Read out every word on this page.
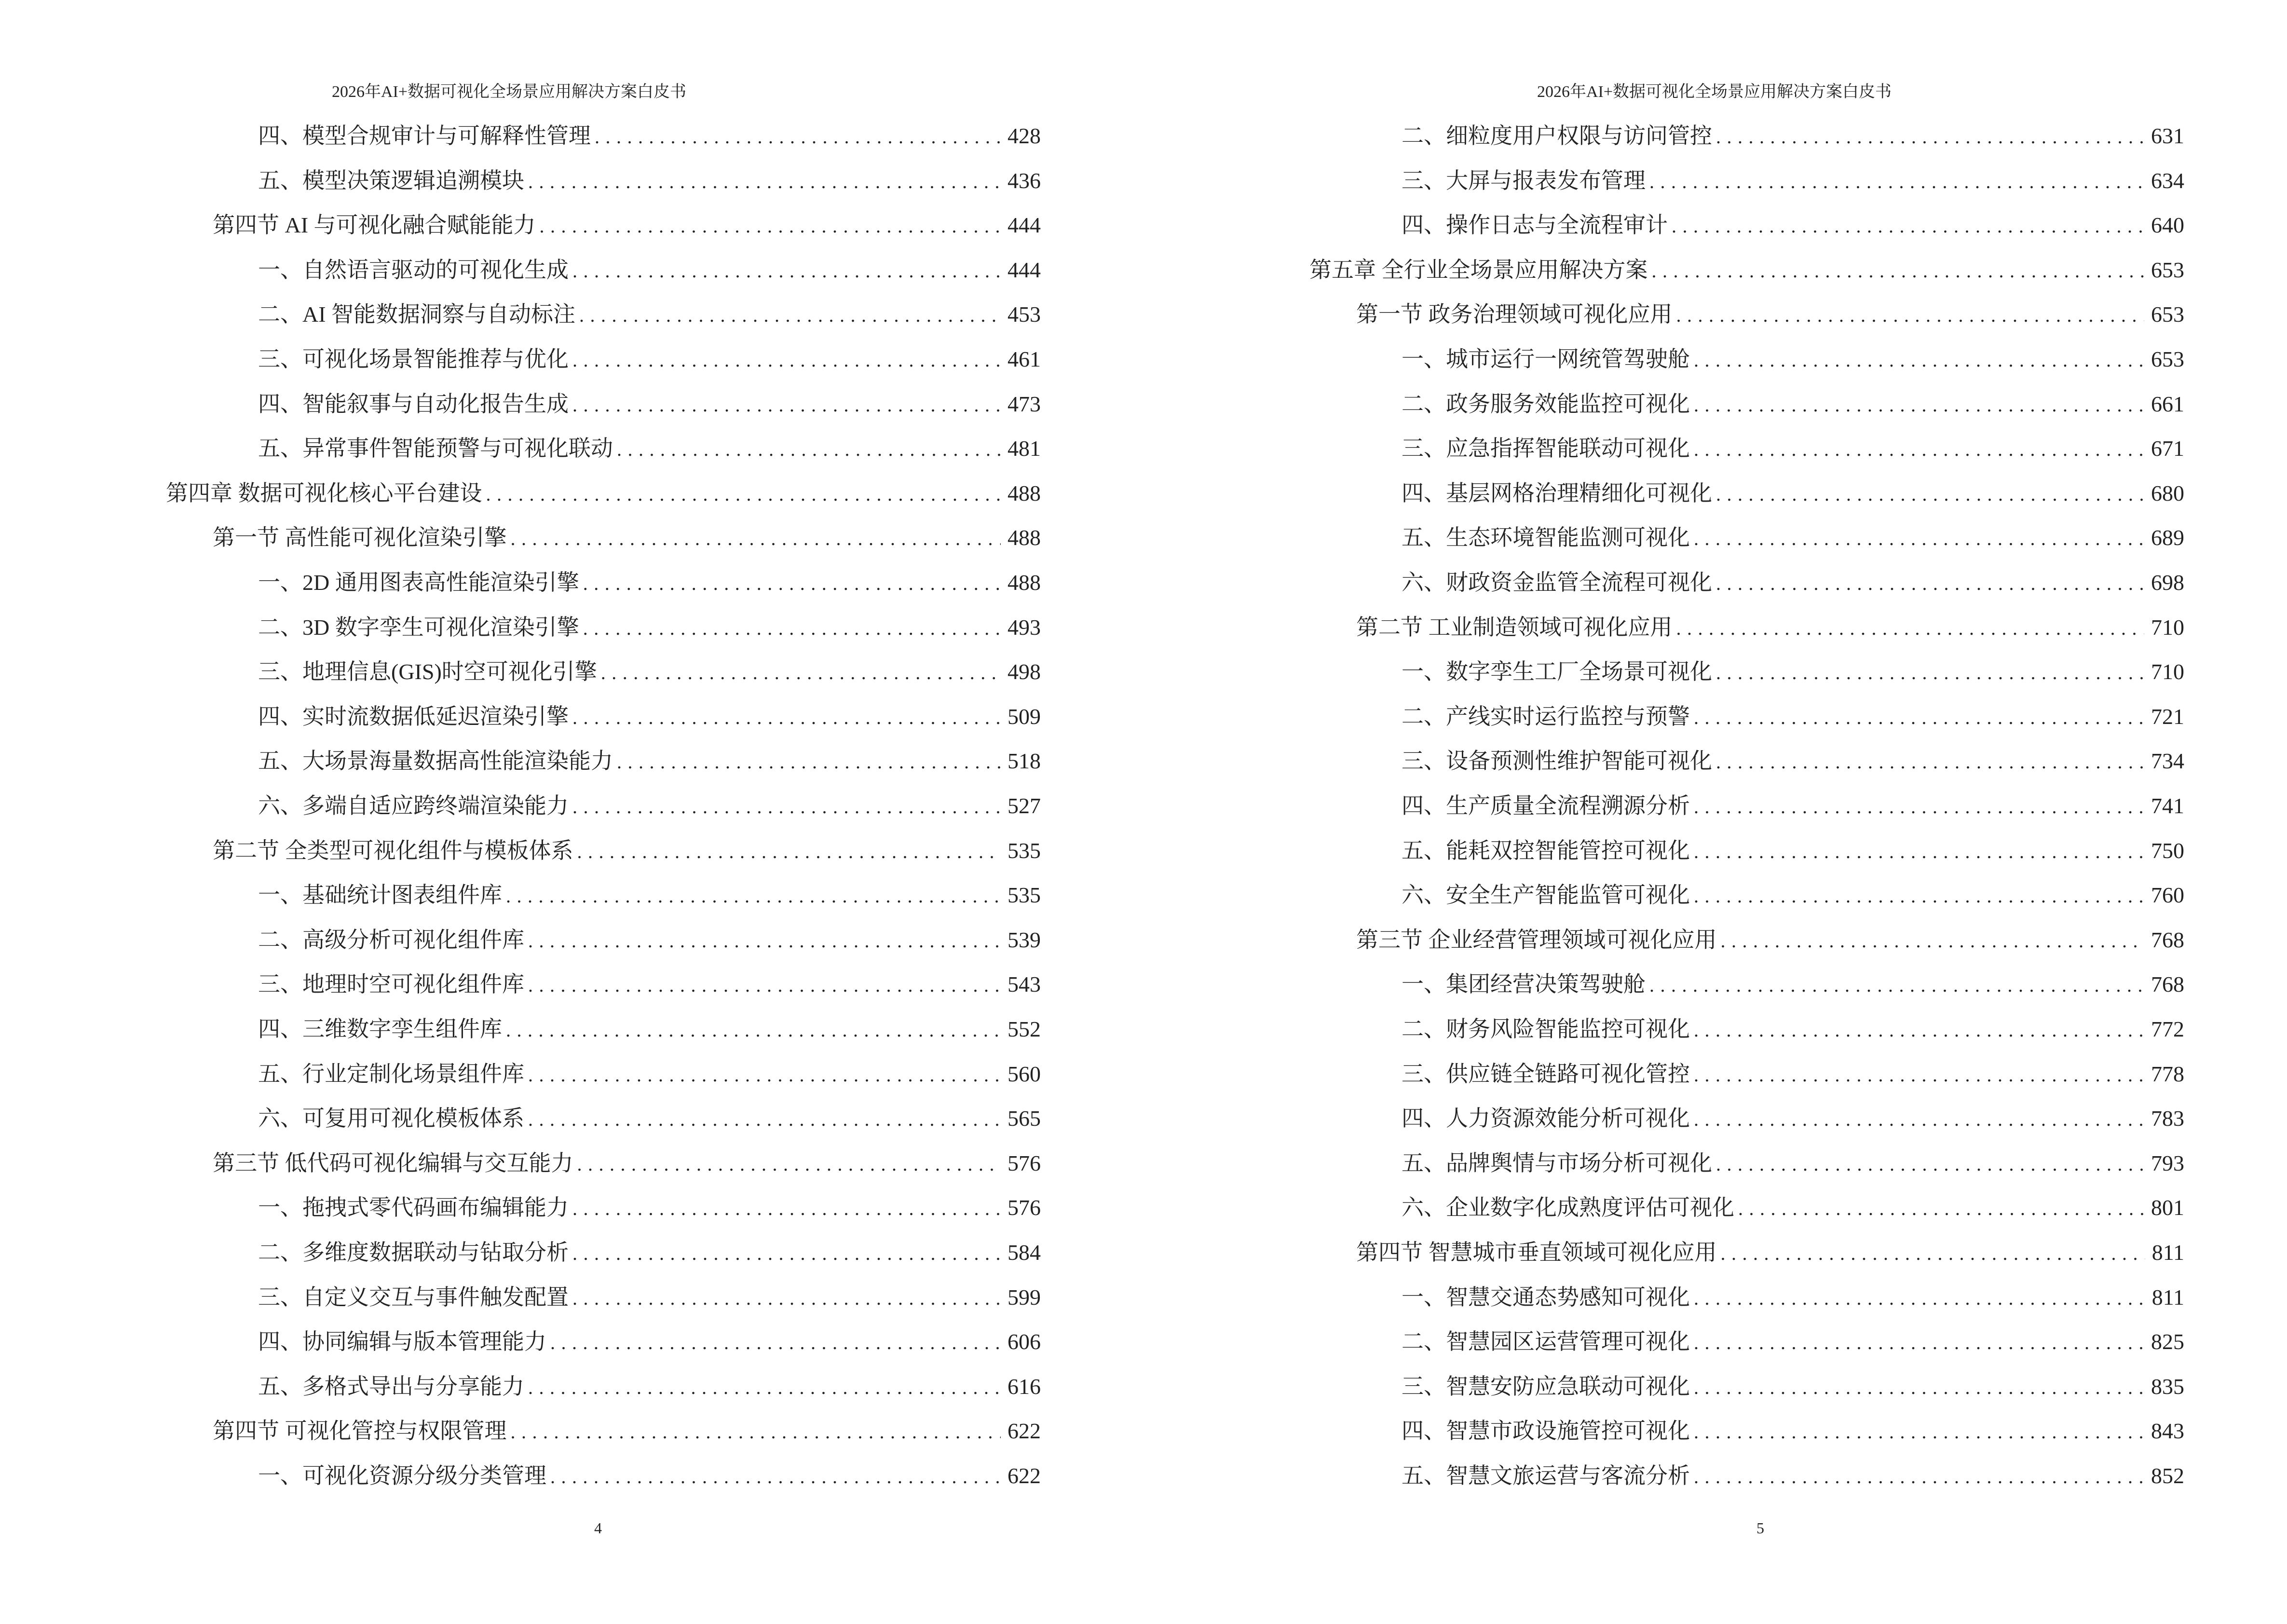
2026年AI+数据可视化全场景应用解决方案白皮书
四、模型合规审计与可解释性管理 .....	428
五、模型决策逻辑追溯模块 .....	436
第四节 AI 与可视化融合赋能能力 .....	444
一、自然语言驱动的可视化生成 .....	444
二、AI 智能数据洞察与自动标注 .....	453
三、可视化场景智能推荐与优化 .....	461
四、智能叙事与自动化报告生成 .....	473
五、异常事件智能预警与可视化联动 .....	481
第四章 数据可视化核心平台建设 .....	488
第一节 高性能可视化渲染引擎 .....	488
一、2D 通用图表高性能渲染引擎 .....	488
二、3D 数字孪生可视化渲染引擎 .....	493
三、地理信息(GIS)时空可视化引擎 .....	498
四、实时流数据低延迟渲染引擎 .....	509
五、大场景海量数据高性能渲染能力 .....	518
六、多端自适应跨终端渲染能力 .....	527
第二节 全类型可视化组件与模板体系 .....	535
一、基础统计图表组件库 .....	535
二、高级分析可视化组件库 .....	539
三、地理时空可视化组件库 .....	543
四、三维数字孪生组件库 .....	552
五、行业定制化场景组件库 .....	560
六、可复用可视化模板体系 .....	565
第三节 低代码可视化编辑与交互能力 .....	576
一、拖拽式零代码画布编辑能力 .....	576
二、多维度数据联动与钻取分析 .....	584
三、自定义交互与事件触发配置 .....	599
四、协同编辑与版本管理能力 .....	606
五、多格式导出与分享能力 .....	616
第四节 可视化管控与权限管理 .....	622
一、可视化资源分级分类管理 .....	622
4
2026年AI+数据可视化全场景应用解决方案白皮书
二、细粒度用户权限与访问管控 .....	631
三、大屏与报表发布管理 .....	634
四、操作日志与全流程审计 .....	640
第五章 全行业全场景应用解决方案 .....	653
第一节 政务治理领域可视化应用 .....	653
一、城市运行一网统管驾驶舱 .....	653
二、政务服务效能监控可视化 .....	661
三、应急指挥智能联动可视化 .....	671
四、基层网格治理精细化可视化 .....	680
五、生态环境智能监测可视化 .....	689
六、财政资金监管全流程可视化 .....	698
第二节 工业制造领域可视化应用 .....	710
一、数字孪生工厂全场景可视化 .....	710
二、产线实时运行监控与预警 .....	721
三、设备预测性维护智能可视化 .....	734
四、生产质量全流程溯源分析 .....	741
五、能耗双控智能管控可视化 .....	750
六、安全生产智能监管可视化 .....	760
第三节 企业经营管理领域可视化应用 .....	768
一、集团经营决策驾驶舱 .....	768
二、财务风险智能监控可视化 .....	772
三、供应链全链路可视化管控 .....	778
四、人力资源效能分析可视化 .....	783
五、品牌舆情与市场分析可视化 .....	793
六、企业数字化成熟度评估可视化 .....	801
第四节 智慧城市垂直领域可视化应用 .....	811
一、智慧交通态势感知可视化 .....	811
二、智慧园区运营管理可视化 .....	825
三、智慧安防应急联动可视化 .....	835
四、智慧市政设施管控可视化 .....	843
五、智慧文旅运营与客流分析 .....	852
5
